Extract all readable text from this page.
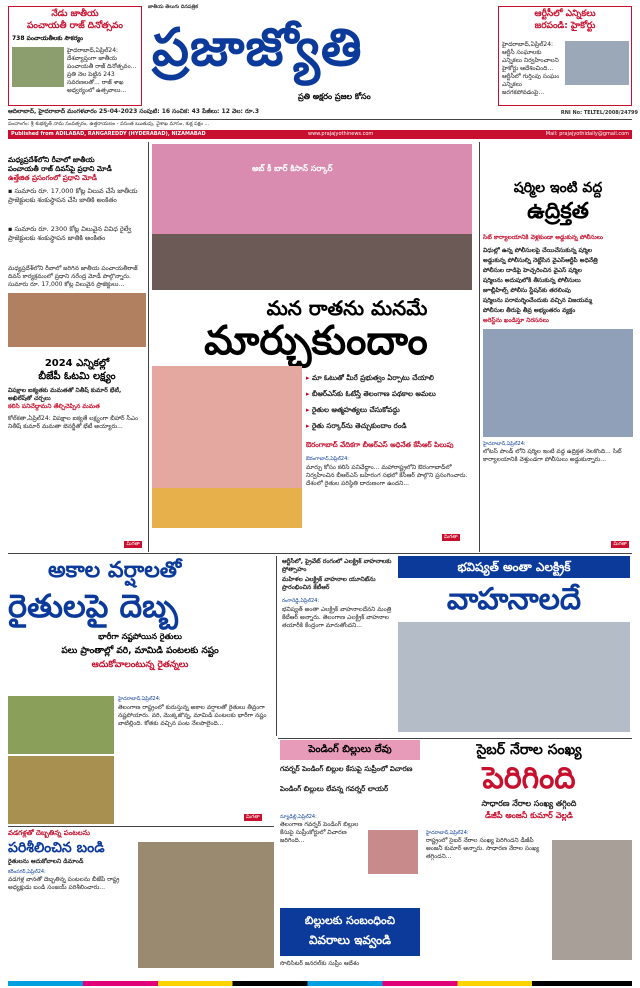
నేడు జాతీయ
పంచాయతీ రాజ్ దినోత్సవం
738 పంచాయతీలకు సౌకర్యం
హైదరాబాద్,ఏప్రిల్24: దేశవ్యాప్తంగా జాతీయ పంచాయతీ రాజ్ దినోత్సవం... ప్రతి నెల పెట్టిన 243 సవరణలతో... రాజ్ శాఖ అధ్వర్యంలో ఉత్సవాలు...
జాతీయ తెలుగు దినపత్రిక
ప్రజాజ్యోతి
ప్రతి అక్షరం ప్రజల కోసం
ఆర్టీసీలో ఎన్నికలు
జరపండి: హైకోర్టు
హైదరాబాద్,ఏప్రిల్24: ఆర్టీసీ సంఘాలకు ఎన్నికలు నిర్వహించాలని హైకోర్టు ఆదేశించింది... ఆర్టీసీలో గుర్తింపు సంఘం ఎన్నికలు జరగకపోవడంపై...
RNI No: TELTEL/2008/24799
ఆదిలాబాద్, హైదరాబాద్ మంగళవారం 25-04-2023 సంపుటి: 16 సంచిక: 43 పేజీలు: 12 వెల: రూ.3
పంచాంగం: శ్రీ శుభకృత్ నామ సంవత్సరం, ఉత్తరాయణం - వసంత ఋతువు, వైశాఖ మాసం, శుక్ల పక్షం ...
Published from ADILABAD, RANGAREDDY (HYDERABAD), NIZAMABAD	www.prajajyothinews.com	Mail: prajajyothidaily@gmail.com
మధ్యప్రదేశ్‌లోని రీవాలో జాతీయ
పంచాయతీ రాజ్ దివస్‌పై ప్రధాని మోడీ
ఉత్తేజిత ప్రసంగంలో ప్రధాని మోడీ
▪ సుమారు రూ. 17,000 కోట్ల విలువ చేసే జాతీయ ప్రాజెక్టులకు శంకుస్థాపన చేసి జాతికి అంకితం
▪ సుమారు రూ. 2300 కోట్ల విలువైన వివిధ రైల్వే ప్రాజెక్టులకు శంకుస్థాపన జాతికి అంకితం
మధ్యప్రదేశ్‌లోని రీవాలో జరిగిన జాతీయ పంచాయతీరాజ్ దివస్ కార్యక్రమంలో ప్రధాని నరేంద్ర మోడీ పాల్గొన్నారు. సుమారు రూ. 17,000 కోట్ల విలువైన ప్రాజెక్టులు...
2024 ఎన్నికల్లో
బీజేపీ ఓటమి లక్ష్యం
విపక్షాల ఐక్యతకు మమతతో నితీష్ కుమార్ భేటీ, అఖిలేష్‌తో చర్చలు
కలిసి పనిచేద్దామని తేల్చిచెప్పిన మమత
కోల్‌కతా,ఏప్రిల్24: విపక్షాల ఐక్యతే లక్ష్యంగా బీహార్ సీఎం నితీష్ కుమార్ మమతా బెనర్జీతో భేటీ అయ్యారు...
మిగతా
అబ్ కీ బార్ కిసాన్ సర్కార్
మన రాతను మనమే
మార్చుకుందాం
▸ మా ఓటుతో మీరే ప్రభుత్వం ఏర్పాటు చేయాలి
▸ బీఆర్ఎస్‌కు ఓటేస్తే తెలంగాణ పథకాల అమలు
▸ రైతుల ఆత్మహత్యలు చేసుకోవద్దు
▸ రైతు సర్కార్‌ను తెచ్చుకుందాం రండి
ఔరంగాబాద్ వేదికగా బీఆర్ఎస్ అధినేత కేసీఆర్ పిలుపు
ఔరంగాబాద్,ఏప్రిల్24:
మార్చు కోసం కలిసి పనిచేద్దాం... మహారాష్ట్రలోని ఔరంగాబాద్‌లో నిర్వహించిన బీఆర్ఎస్ బహిరంగ సభలో కేసీఆర్ పాల్గొని ప్రసంగించారు. దేశంలో రైతుల పరిస్థితి దారుణంగా ఉందని...
మిగతా
షర్మిల ఇంటి వద్ద
ఉద్రిక్తత
సిట్ కార్యాలయానికి వెళ్లకుండా అడ్డుకున్న పోలీసులు
విధుల్లో ఉన్న పోలీసులపై చేయిచేసుకున్న షర్మిల
అడ్డుకున్న పోలీసుల్ని నెట్టేసిన వైఎస్ఆర్టీపీ అధినేత్రి
పోలీసుల దాడిపై హెచ్చరించిన వైఎస్ షర్మిల
షర్మిలను అదుపులోకి తీసుకున్న పోలీసులు
జూబ్లీహిల్స్ పోలీసు స్టేషన్‌కు తరలింపు
షర్మిలను పరామర్శించేందుకు వచ్చిన విజయమ్మ
పోలీసుల తీరుపై తీవ్ర అభ్యంతరం వ్యక్తం
అరెస్ట్‌ను ఖండిస్తూ నిరసనలు
హైదరాబాద్,ఏప్రిల్24:
లోటస్ పాండ్ లోని షర్మిల ఇంటి వద్ద ఉద్రిక్తత నెలకొంది... సిట్ కార్యాలయానికి వెళ్తుండగా పోలీసులు అడ్డుకున్నారు...
మిగతా
అకాల వర్షాలతో
రైతులపై దెబ్బ
భారీగా నష్టపోయిన రైతులు
పలు ప్రాంతాల్లో వరి, మామిడి పంటలకు నష్టం
ఆదుకోవాలంటున్న రైతన్నలు
హైదరాబాద్‌,ఏప్రిల్24:
తెలంగాణ రాష్ట్రంలో కురుస్తున్న అకాల వర్షాలతో రైతులు తీవ్రంగా నష్టపోయారు. వరి, మొక్కజొన్న, మామిడి పంటలకు భారీగా నష్టం వాటిల్లింది. కోతకు వచ్చిన పంట నేలపాలైంది...
మిగతా
ఆర్టీసీలో, ప్రైవేట్ రంగంలో ఎలక్ట్రిక్ వాహనాలకు ప్రోత్సాహం
మహిళల ఎలక్ట్రిక్ వాహనాల యూనిట్‌ను ప్రారంభించిన కేటీఆర్
భవిష్యత్ అంతా ఎలక్ట్రిక్
వాహనాలదే
రంగారెడ్డి,ఏప్రిల్24:
భవిష్యత్ అంతా ఎలక్ట్రిక్ వాహనాలదేనని మంత్రి కేటీఆర్ అన్నారు. తెలంగాణ ఎలక్ట్రిక్ వాహనాల తయారీకి కేంద్రంగా మారుతోందని...
పెండింగ్ బిల్లులు లేవు
గవర్నర్ పెండింగ్ బిల్లుల కేసుపై సుప్రీంలో విచారణ
పెండింగ్ బిల్లులు లేవన్న గవర్నర్ లాయర్
న్యూఢిల్లీ,ఏప్రిల్24:
తెలంగాణ గవర్నర్ పెండింగ్ బిల్లుల కేసుపై సుప్రీంకోర్టులో విచారణ జరిగింది...
బిల్లులకు సంబంధించి
వివరాలు ఇవ్వండి
సొలిసిటర్ జనరల్‌కు సుప్రీం ఆదేశం
సైబర్ నేరాల సంఖ్య
పెరిగింది
సాధారణ నేరాల సంఖ్య తగ్గింది
డీజీపీ అంజనీ కుమార్ వెల్లడి
హైదరాబాద్,ఏప్రిల్24:
రాష్ట్రంలో సైబర్ నేరాల సంఖ్య పెరిగిందని డీజీపీ అంజనీ కుమార్ అన్నారు. సాధారణ నేరాల సంఖ్య తగ్గిందని...
వడగళ్లతో దెబ్బతిన్న పంటలను
పరిశీలించిన బండి
రైతులను ఆదుకోవాలని డిమాండ్
కరీంనగర్,ఏప్రిల్24:
వడగళ్ల వానతో దెబ్బతిన్న పంటలను బీజేపీ రాష్ట్ర అధ్యక్షుడు బండి సంజయ్ పరిశీలించారు...
